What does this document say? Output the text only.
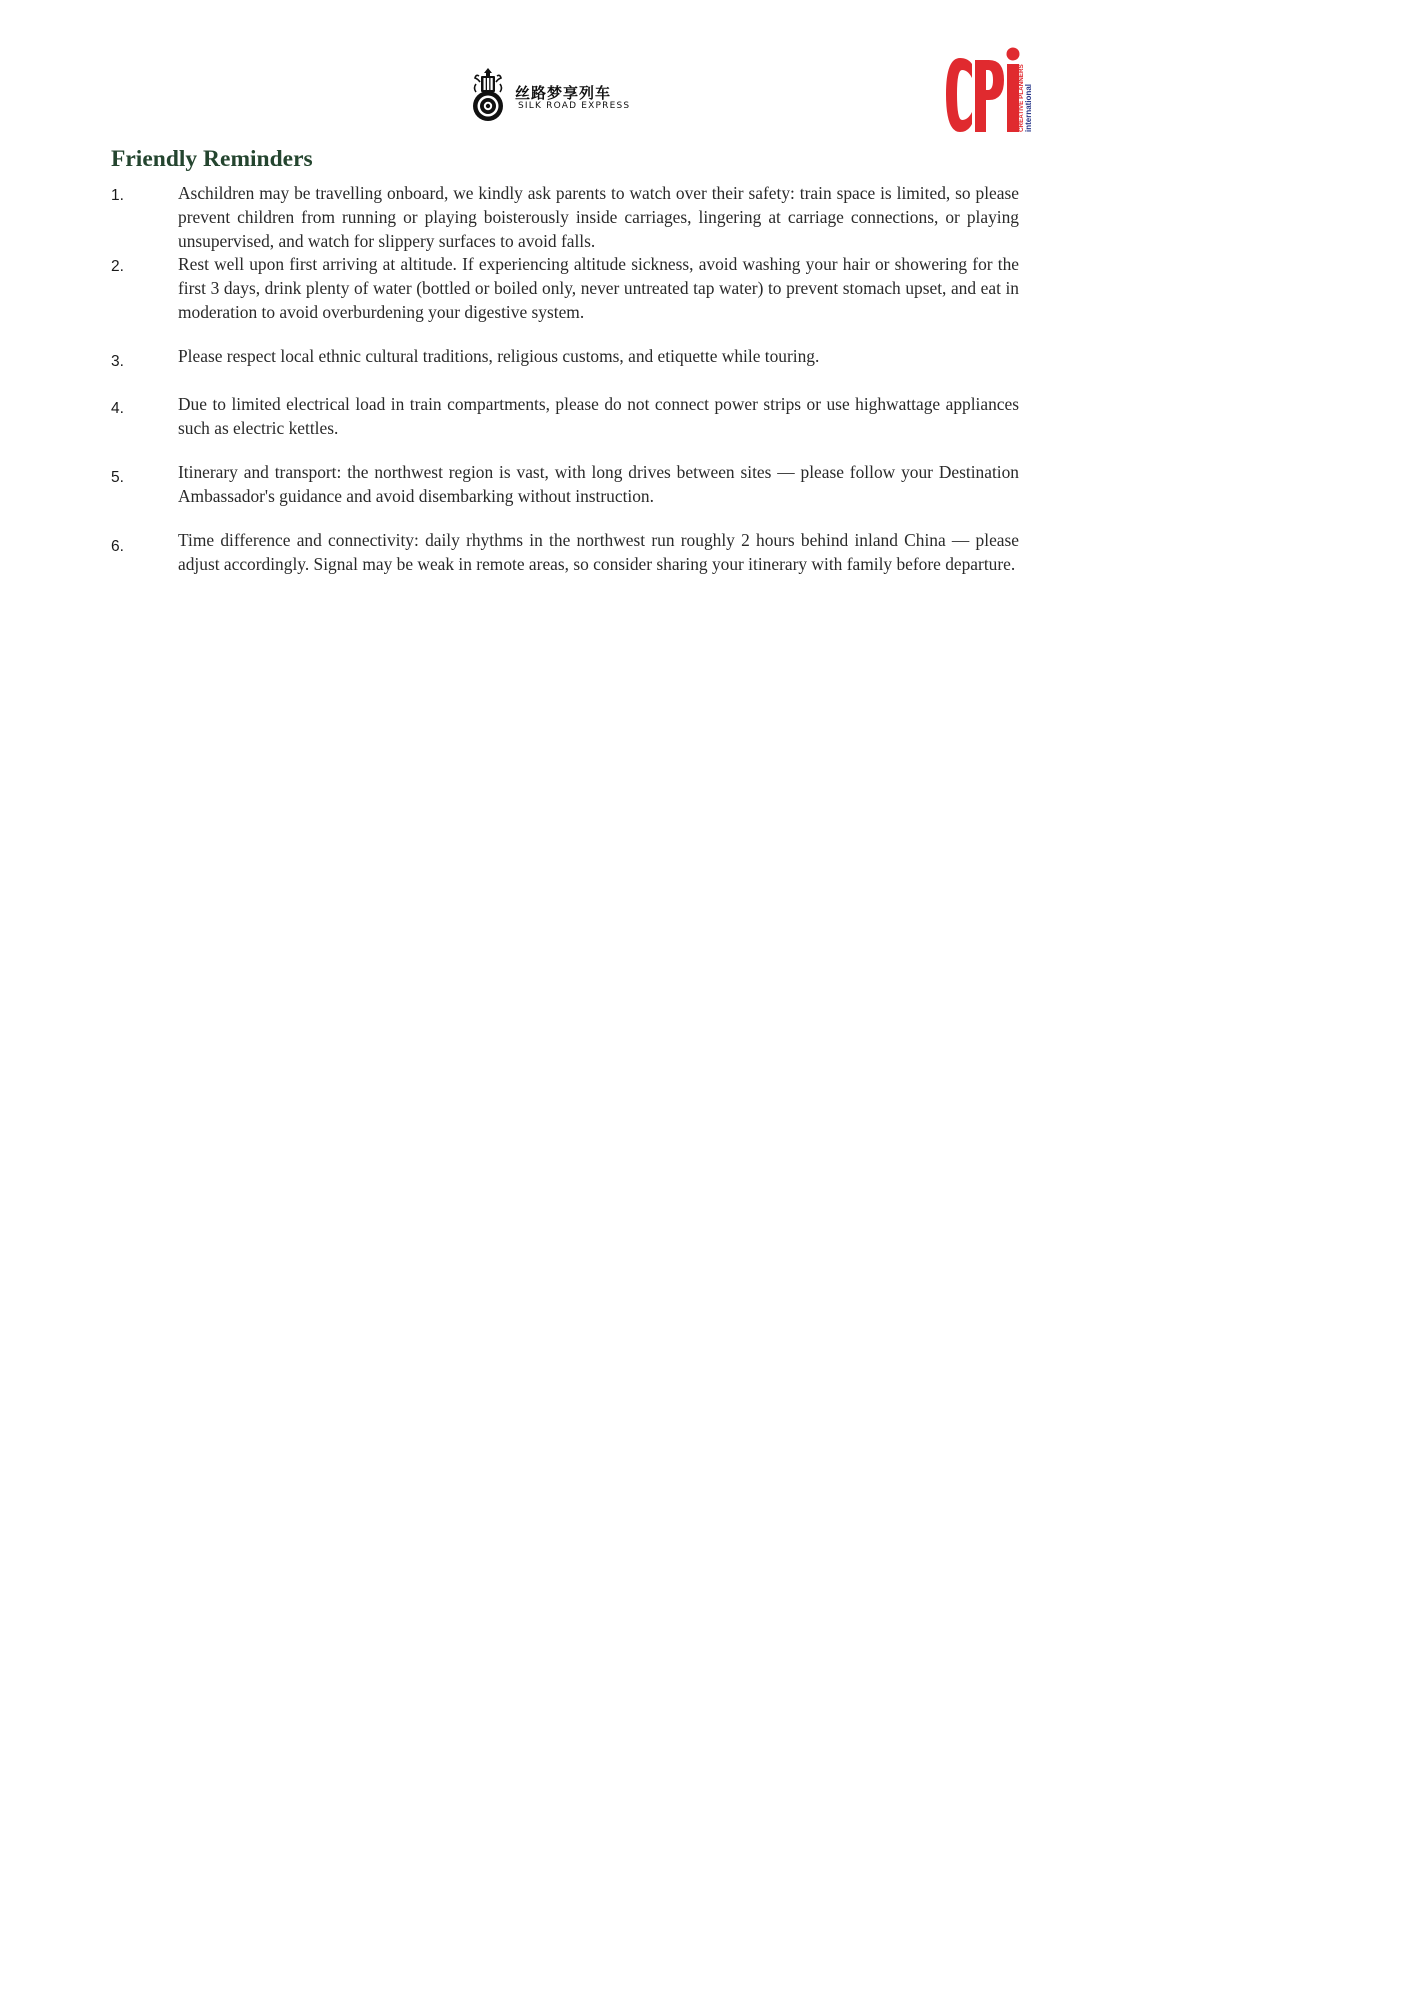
丝路梦享列车
SILK ROAD EXPRESS	CREATIVE PLANNERS international
Friendly Reminders
1.	Aschildren may be travelling onboard, we kindly ask parents to watch over their safety: train space is limited, so please prevent children from running or playing boisterously inside carriages, lingering at carriage connections, or playing unsupervised, and watch for slippery surfaces to avoid falls.
2.	Rest well upon first arriving at altitude. If experiencing altitude sickness, avoid washing your hair or showering for the first 3 days, drink plenty of water (bottled or boiled only, never untreated tap water) to prevent stomach upset, and eat in moderation to avoid overburdening your digestive system.
3.	Please respect local ethnic cultural traditions, religious customs, and etiquette while touring.
4.	Due to limited electrical load in train compartments, please do not connect power strips or use highwattage appliances such as electric kettles.
5.	Itinerary and transport: the northwest region is vast, with long drives between sites — please follow your Destination Ambassador's guidance and avoid disembarking without instruction.
6.	Time difference and connectivity: daily rhythms in the northwest run roughly 2 hours behind inland China — please adjust accordingly. Signal may be weak in remote areas, so consider sharing your itinerary with family before departure.
